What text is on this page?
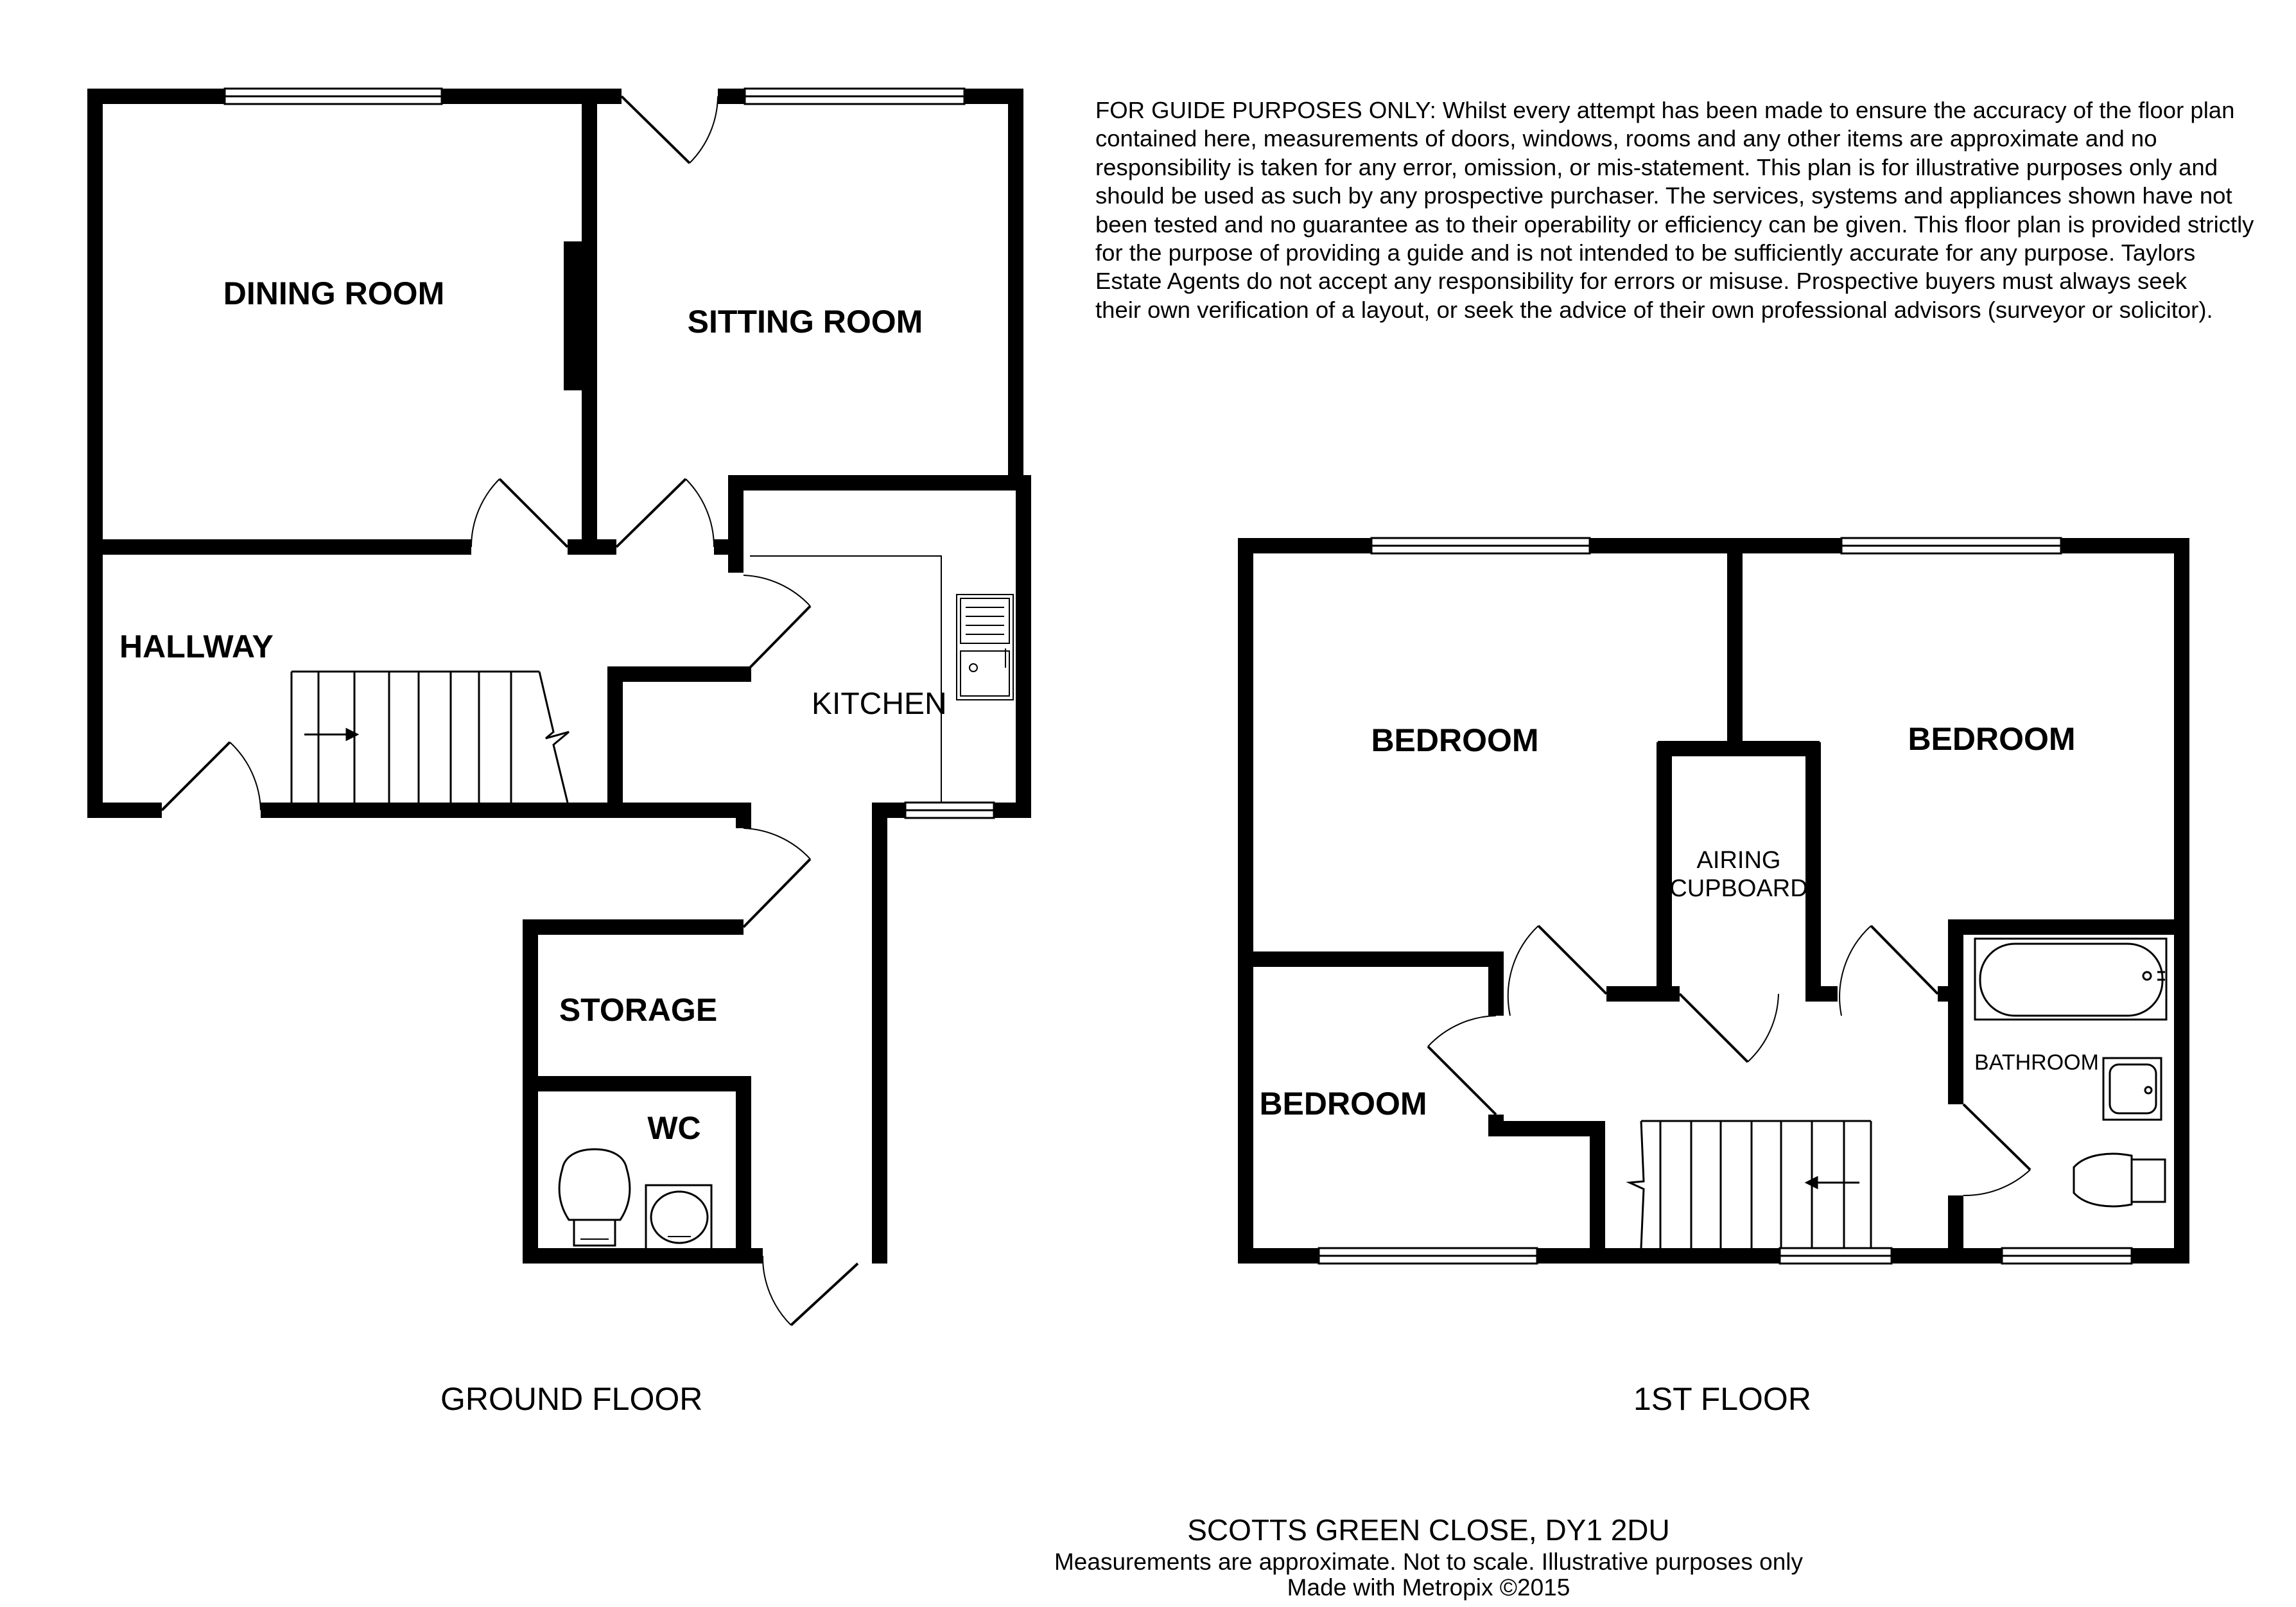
DINING ROOM
SITTING ROOM
HALLWAY
KITCHEN
STORAGE
WC
BEDROOM	BEDROOM
BEDROOM
AIRING
CUPBOARD
BATHROOM
FOR GUIDE PURPOSES ONLY: Whilst every attempt has been made to ensure the accuracy of the floor plan
contained here, measurements of doors, windows, rooms and any other items are approximate and no
responsibility is taken for any error, omission, or mis-statement. This plan is for illustrative purposes only and
should be used as such by any prospective purchaser. The services, systems and appliances shown have not
been tested and no guarantee as to their operability or efficiency can be given. This floor plan is provided strictly
for the purpose of providing a guide and is not intended to be sufficiently accurate for any purpose. Taylors
Estate Agents do not accept any responsibility for errors or misuse. Prospective buyers must always seek
their own verification of a layout, or seek the advice of their own professional advisors (surveyor or solicitor).
GROUND FLOOR	1ST FLOOR
SCOTTS GREEN CLOSE, DY1 2DU
Measurements are approximate. Not to scale. Illustrative purposes only
Made with Metropix ©2015
